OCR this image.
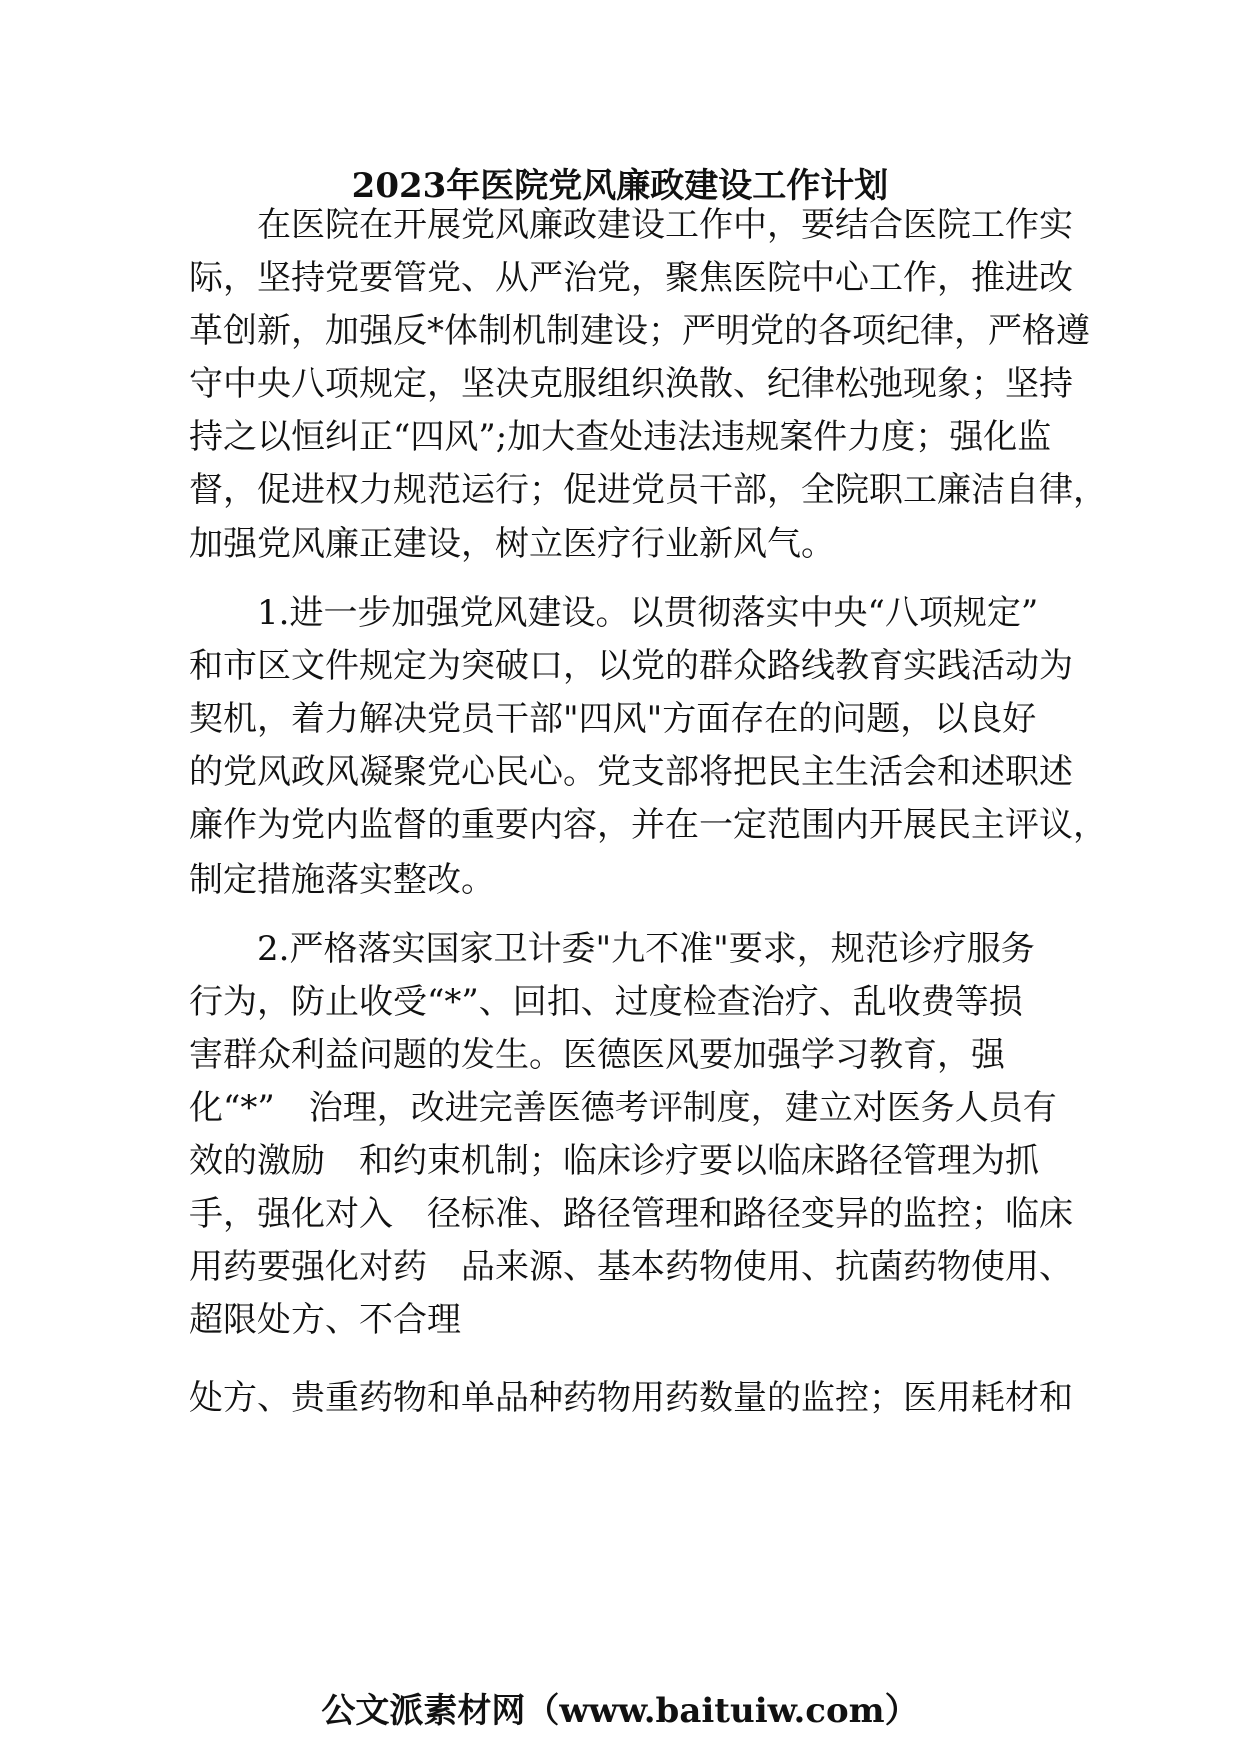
2023年医院党风廉政建设工作计划
　　在医院在开展党风廉政建设工作中，要结合医院工作实
际，坚持党要管党、从严治党，聚焦医院中心工作，推进改
革创新，加强反*体制机制建设；严明党的各项纪律，严格遵
守中央八项规定，坚决克服组织涣散、纪律松弛现象；坚持
持之以恒纠正“四风”;加大查处违法违规案件力度；强化监
督，促进权力规范运行；促进党员干部，全院职工廉洁自律，
加强党风廉正建设，树立医疗行业新风气。
　　1.进一步加强党风建设。以贯彻落实中央“八项规定”
和市区文件规定为突破口，以党的群众路线教育实践活动为
契机，着力解决党员干部"四风"方面存在的问题，以良好
的党风政风凝聚党心民心。党支部将把民主生活会和述职述
廉作为党内监督的重要内容，并在一定范围内开展民主评议，
制定措施落实整改。
　　2.严格落实国家卫计委"九不准"要求，规范诊疗服务
行为，防止收受“*”、回扣、过度检查治疗、乱收费等损
害群众利益问题的发生。医德医风要加强学习教育，强
化“*”　治理，改进完善医德考评制度，建立对医务人员有
效的激励　和约束机制；临床诊疗要以临床路径管理为抓
手，强化对入　径标准、路径管理和路径变异的监控；临床
用药要强化对药　品来源、基本药物使用、抗菌药物使用、
超限处方、不合理
处方、贵重药物和单品种药物用药数量的监控；医用耗材和
公文派素材网（www.baituiw.com）
